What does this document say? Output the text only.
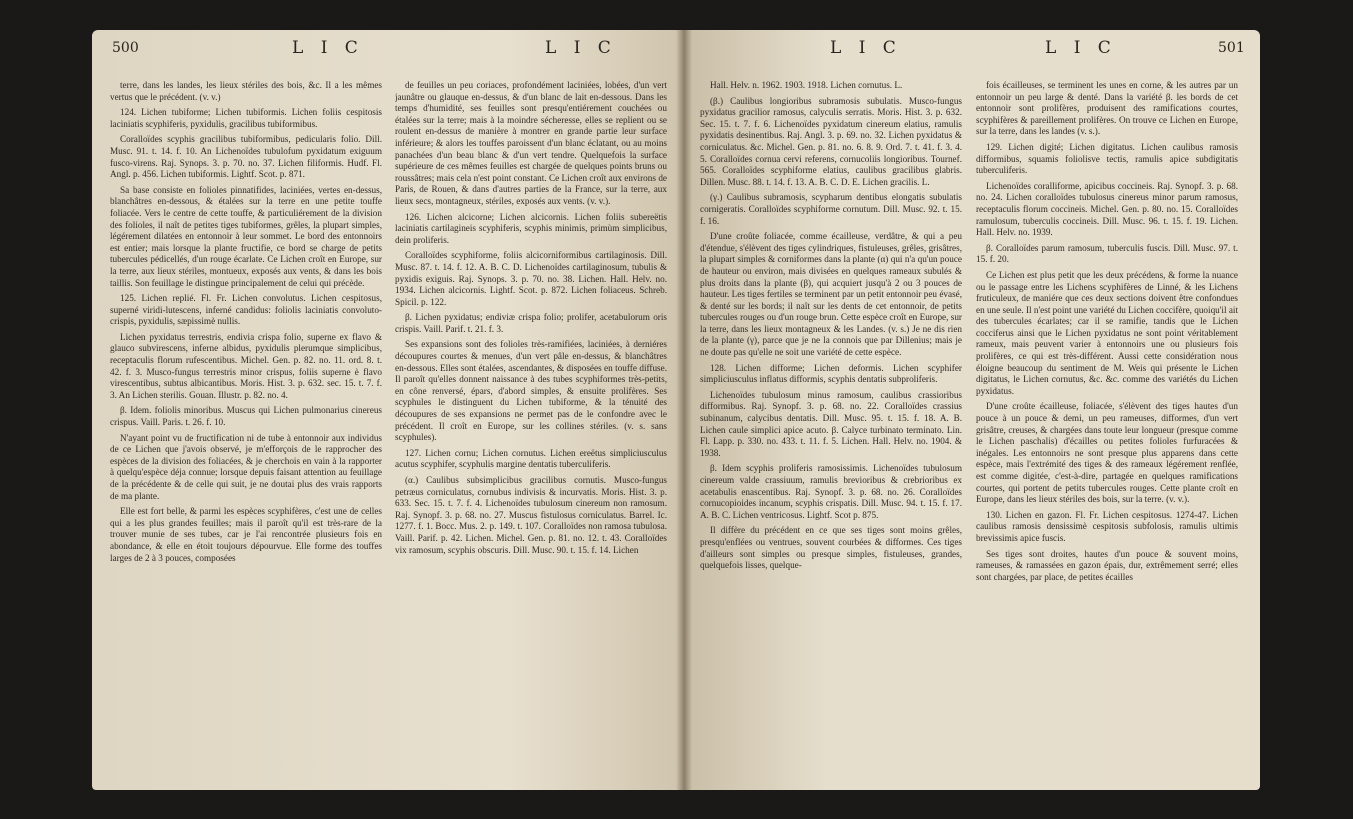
500	L I C	L I C	L I C	L I C	501

terre, dans les landes, les lieux stériles des bois, &c. Il a les mêmes vertus que le précédent. (v. v.)

124. Lichen tubiforme; Lichen tubiformis. Lichen foliis cespitosis laciniatis scyphiferis, pyxidulis, gracilibus tubiformibus.

Coralloïdes scyphis gracilibus tubiformibus, pedicularis folio. Dill. Musc. 91. t. 14. f. 10. An Lichenoïdes tubulofum pyxidatum exiguum fusco-virens. Raj. Synops. 3. p. 70. no. 37. Lichen filiformis. Hudf. Fl. Angl. p. 456. Lichen tubiformis. Lightf. Scot. p. 871.

Sa base consiste en folioles pinnatifides, laciniées, vertes en-dessus, blanchâtres en-dessous, & étalées sur la terre en une petite touffe foliacée. Vers le centre de cette touffe, & particuliérement de la division des folioles, il naît de petites tiges tubiformes, grêles, la plupart simples, légérement dilatées en entonnoir à leur sommet. Le bord des entonnoirs est entier; mais lorsque la plante fructifie, ce bord se charge de petits tubercules pédicellés, d'un rouge écarlate. Ce Lichen croît en Europe, sur la terre, aux lieux stériles, montueux, exposés aux vents, & dans les bois taillis. Son feuillage le distingue principalement de celui qui précède.

125. Lichen replié. Fl. Fr. Lichen convolutus. Lichen cespitosus, superné viridi-lutescens, inferné candidus: foliolis laciniatis convoluto-crispis, pyxidulis, sæpissimè nullis.

Lichen pyxidatus terrestris, endivia crispa folio, superne ex flavo & glauco subvirescens, inferne albidus, pyxidulis plerumque simplicibus, receptaculis florum rufescentibus. Michel. Gen. p. 82. no. 11. ord. 8. t. 42. f. 3. Musco-fungus terrestris minor crispus, foliis superne è flavo virescentibus, subtus albicantibus. Moris. Hist. 3. p. 632. sec. 15. t. 7. f. 3. An Lichen sterilis. Gouan. Illustr. p. 82. no. 4.

β. Idem. foliolis minoribus. Muscus qui Lichen pulmonarius cinereus crispus. Vaill. Paris. t. 26. f. 10.

N'ayant point vu de fructification ni de tube à entonnoir aux individus de ce Lichen que j'avois observé, je m'efforçois de le rapprocher des espèces de la division des foliacées, & je cherchois en vain à la rapporter à quelqu'espèce déja connue; lorsque depuis faisant attention au feuillage de la précédente & de celle qui suit, je ne doutai plus des vrais rapports de ma plante.

Elle est fort belle, & parmi les espèces scyphifères, c'est une de celles qui a les plus grandes feuilles; mais il paroît qu'il est très-rare de la trouver munie de ses tubes, car je l'ai rencontrée plusieurs fois en abondance, & elle en étoit toujours dépourvue. Elle forme des touffes larges de 2 à 3 pouces, composées

de feuilles un peu coriaces, profondément laciniées, lobées, d'un vert jaunâtre ou glauque en-dessus, & d'un blanc de lait en-dessous. Dans les temps d'humidité, ses feuilles sont presqu'entiérement couchées ou étalées sur la terre; mais à la moindre sécheresse, elles se replient ou se roulent en-dessus de manière à montrer en grande partie leur surface inférieure; & alors les touffes paroissent d'un blanc éclatant, ou au moins panachées d'un beau blanc & d'un vert tendre. Quelquefois la surface supérieure de ces mêmes feuilles est chargée de quelques points bruns ou roussâtres; mais cela n'est point constant. Ce Lichen croît aux environs de Paris, de Rouen, & dans d'autres parties de la France, sur la terre, aux lieux secs, montagneux, stériles, exposés aux vents. (v. v.).

126. Lichen alcicorne; Lichen alcicornis. Lichen foliis subereëtis laciniatis cartilagineis scyphiferis, scyphis minimis, primùm simplicibus, dein proliferis.

Coralloïdes scyphiforme, foliis alcicorniformibus cartilaginosis. Dill. Musc. 87. t. 14. f. 12. A. B. C. D. Lichenoïdes cartilaginosum, tubulis & pyxidis exiguis. Raj. Synops. 3. p. 70. no. 38. Lichen. Hall. Helv. no. 1934. Lichen alcicornis. Lightf. Scot. p. 872. Lichen foliaceus. Schreb. Spicil. p. 122.

β. Lichen pyxidatus; endiviæ crispa folio; prolifer, acetabulorum oris crispis. Vaill. Parif. t. 21. f. 3.

Ses expansions sont des folioles très-ramifiées, laciniées, à derniéres découpures courtes & menues, d'un vert pâle en-dessus, & blanchâtres en-dessous. Elles sont étalées, ascendantes, & disposées en touffe diffuse. Il paroît qu'elles donnent naissance à des tubes scyphiformes très-petits, en cône renversé, épars, d'abord simples, & ensuite prolifères. Ses scyphules le distinguent du Lichen tubiforme, & la ténuité des découpures de ses expansions ne permet pas de le confondre avec le précédent. Il croît en Europe, sur les collines stériles. (v. s. sans scyphules).

127. Lichen cornu; Lichen cornutus. Lichen ereëtus simpliciusculus acutus scyphifer, scyphulis margine dentatis tuberculiferis.

(α.) Caulibus subsimplicibus gracilibus cornutis. Musco-fungus petræus corniculatus, cornubus indivisis & incurvatis. Moris. Hist. 3. p. 633. Sec. 15. t. 7. f. 4. Lichenoïdes tubulosum cinereum non ramosum. Raj. Synopf. 3. p. 68. no. 27. Muscus fistulosus corniculatus. Barrel. Ic. 1277. f. 1. Bocc. Mus. 2. p. 149. t. 107. Coralloïdes non ramosa tubulosa. Vaill. Parif. p. 42. Lichen. Michel. Gen. p. 81. no. 12. t. 43. Coralloïdes vix ramosum, scyphis obscuris. Dill. Musc. 90. t. 15. f. 14. Lichen

Hall. Helv. n. 1962. 1903. 1918. Lichen cornutus. L.

(β.) Caulibus longioribus subramosis subulatis. Musco-fungus pyxidatus gracilior ramosus, calyculis serratis. Moris. Hist. 3. p. 632. Sec. 15. t. 7. f. 6. Lichenoïdes pyxidatum cinereum elatius, ramulis pyxidatis desinentibus. Raj. Angl. 3. p. 69. no. 32. Lichen pyxidatus & corniculatus. &c. Michel. Gen. p. 81. no. 6. 8. 9. Ord. 7. t. 41. f. 3. 4. 5. Coralloïdes cornua cervi referens, cornucoliis longioribus. Tournef. 565. Coralloïdes scyphiforme elatius, caulibus gracilibus glabris. Dillen. Musc. 88. t. 14. f. 13. A. B. C. D. E. Lichen gracilis. L.

(γ.) Caulibus subramosis, scypharum dentibus elongatis subulatis cornigeratis. Coralloïdes scyphiforme cornutum. Dill. Musc. 92. t. 15. f. 16.

D'une croûte foliacée, comme écailleuse, verdâtre, & qui a peu d'étendue, s'élèvent des tiges cylindriques, fistuleuses, grêles, grisâtres, la plupart simples & corniformes dans la plante (α) qui n'a qu'un pouce de hauteur ou environ, mais divisées en quelques rameaux subulés & plus droits dans la plante (β), qui acquiert jusqu'à 2 ou 3 pouces de hauteur. Les tiges fertiles se terminent par un petit entonnoir peu évasé, & denté sur les bords; il naît sur les dents de cet entonnoir, de petits tubercules rouges ou d'un rouge brun. Cette espèce croît en Europe, sur la terre, dans les lieux montagneux & les Landes. (v. s.) Je ne dis rien de la plante (γ), parce que je ne la connois que par Dillenius; mais je ne doute pas qu'elle ne soit une variété de cette espèce.

128. Lichen difforme; Lichen deformis. Lichen scyphifer simpliciusculus inflatus difformis, scyphis dentatis subproliferis.

Lichenoïdes tubulosum minus ramosum, caulibus crassioribus difformibus. Raj. Synopf. 3. p. 68. no. 22. Coralloïdes crassius subinanum, calycibus dentatis. Dill. Musc. 95. t. 15. f. 18. A. B. Lichen caule simplici apice acuto. β. Calyce turbinato terminato. Lin. Fl. Lapp. p. 330. no. 433. t. 11. f. 5. Lichen. Hall. Helv. no. 1904. & 1938.

β. Idem scyphis proliferis ramosissimis. Lichenoïdes tubulosum cinereum valde crassiuum, ramulis brevioribus & crebrioribus ex acetabulis enascentibus. Raj. Synopf. 3. p. 68. no. 26. Coralloïdes cornucopioides incanum, scyphis crispatis. Dill. Musc. 94. t. 15. f. 17. A. B. C. Lichen ventricosus. Lightf. Scot p. 875.

Il diffère du précédent en ce que ses tiges sont moins grêles, presqu'enflées ou ventrues, souvent courbées & difformes. Ces tiges d'ailleurs sont simples ou presque simples, fistuleuses, grandes, quelquefois lisses, quelque-

fois écailleuses, se terminent les unes en corne, & les autres par un entonnoir un peu large & denté. Dans la variété β. les bords de cet entonnoir sont prolifères, produisent des ramifications courtes, scyphifères & pareillement prolifères. On trouve ce Lichen en Europe, sur la terre, dans les landes (v. s.).

129. Lichen digité; Lichen digitatus. Lichen caulibus ramosis difformibus, squamis foliolisve tectis, ramulis apice subdigitatis tuberculiferis.

Lichenoïdes coralliforme, apicibus coccineis. Raj. Synopf. 3. p. 68. no. 24. Lichen coralloïdes tubulosus cinereus minor parum ramosus, receptaculis florum coccineis. Michel. Gen. p. 80. no. 15. Coralloïdes ramulosum, tuberculis coccineis. Dill. Musc. 96. t. 15. f. 19. Lichen. Hall. Helv. no. 1939.

β. Coralloïdes parum ramosum, tuberculis fuscis. Dill. Musc. 97. t. 15. f. 20.

Ce Lichen est plus petit que les deux précédens, & forme la nuance ou le passage entre les Lichens scyphifères de Linné, & les Lichens fruticuleux, de maniére que ces deux sections doivent être confondues en une seule. Il n'est point une variété du Lichen coccifère, quoiqu'il ait des tubercules écarlates; car il se ramifie, tandis que le Lichen cocciferus ainsi que le Lichen pyxidatus ne sont point véritablement rameux, mais peuvent varier à entonnoirs une ou plusieurs fois prolifères, ce qui est très-différent. Aussi cette considération nous éloigne beaucoup du sentiment de M. Weis qui présente le Lichen digitatus, le Lichen cornutus, &c. &c. comme des variétés du Lichen pyxidatus.

D'une croûte écailleuse, foliacée, s'élèvent des tiges hautes d'un pouce à un pouce & demi, un peu rameuses, difformes, d'un vert grisâtre, creuses, & chargées dans toute leur longueur (presque comme le Lichen paschalis) d'écailles ou petites folioles furfuracées & inégales. Les entonnoirs ne sont presque plus apparens dans cette espèce, mais l'extrémité des tiges & des rameaux légérement renflée, est comme digitée, c'est-à-dire, partagée en quelques ramifications courtes, qui portent de petits tubercules rouges. Cette plante croît en Europe, dans les lieux stériles des bois, sur la terre. (v. v.).

130. Lichen en gazon. Fl. Fr. Lichen cespitosus. 1274-47. Lichen caulibus ramosis densissimè cespitosis subfolosis, ramulis ultimis brevissimis apice fuscis.

Ses tiges sont droites, hautes d'un pouce & souvent moins, rameuses, & ramassées en gazon épais, dur, extrêmement serré; elles sont chargées, par place, de petites écailles
